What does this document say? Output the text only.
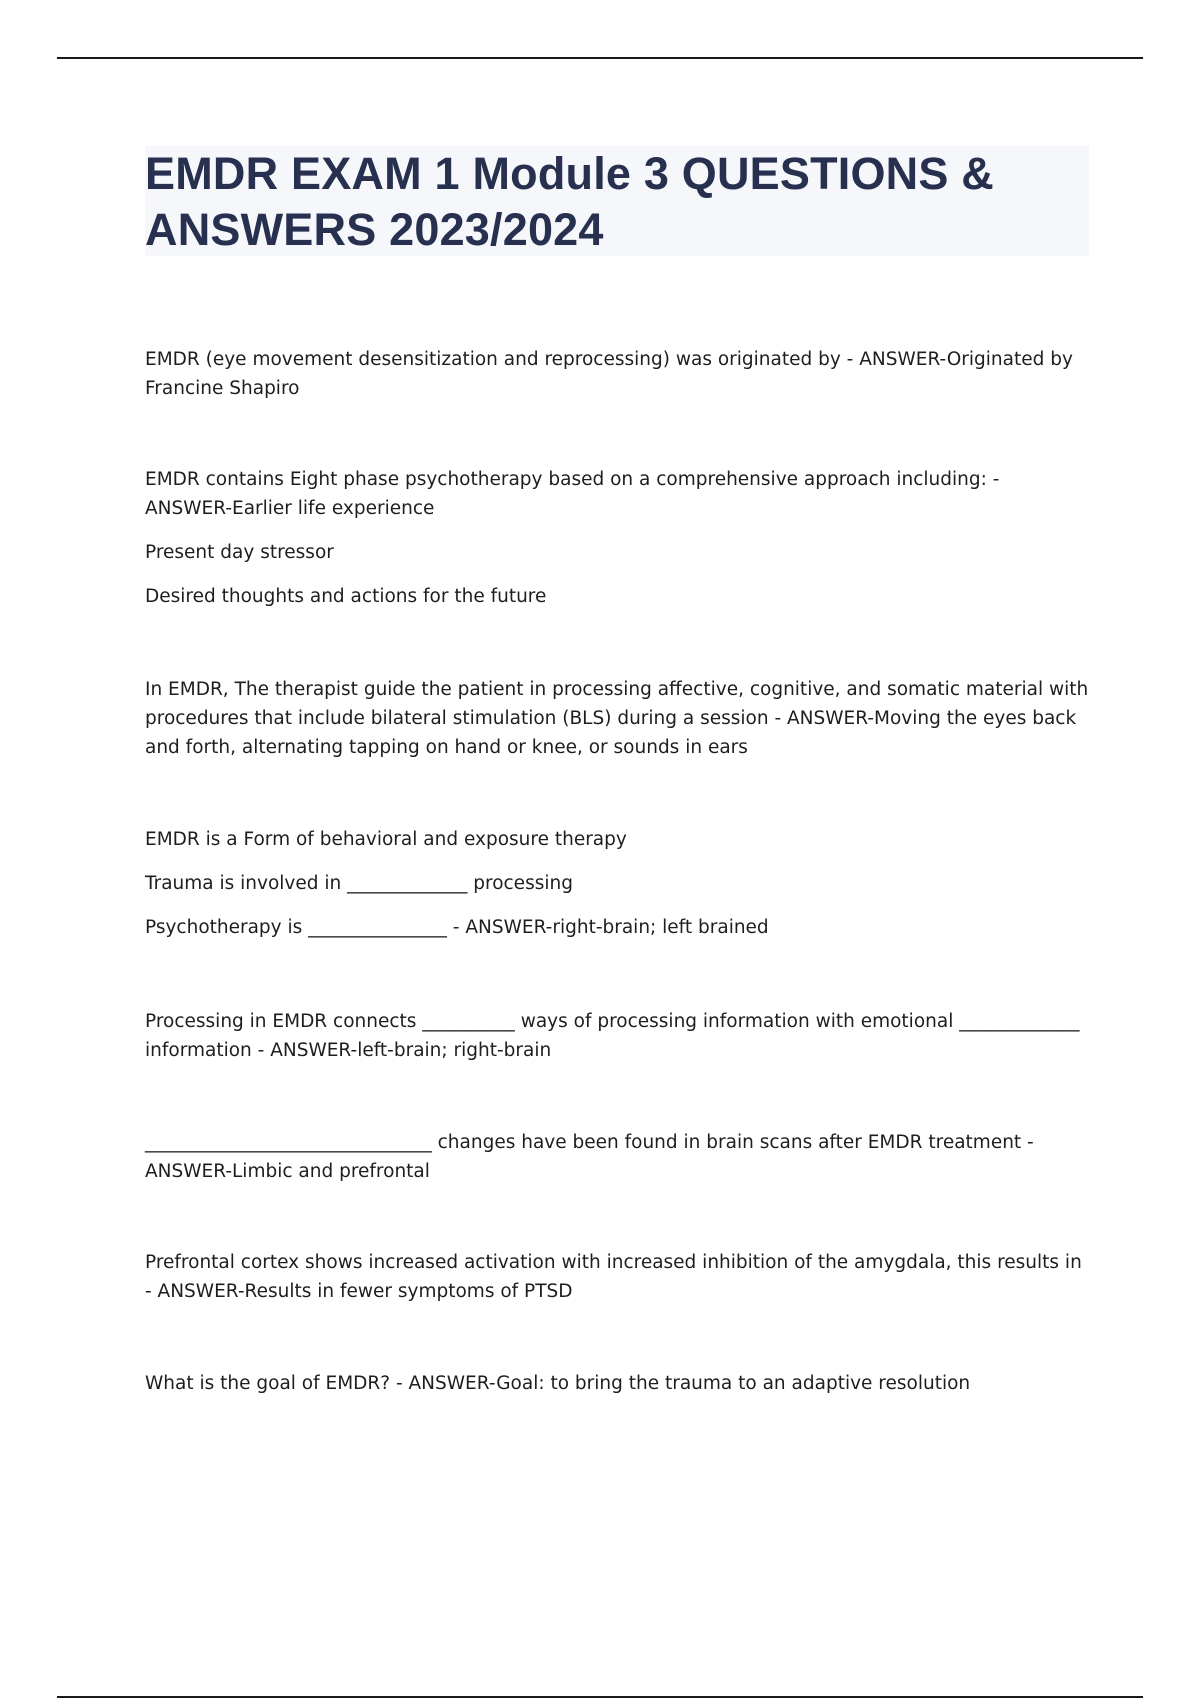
EMDR EXAM 1 Module 3 QUESTIONS & ANSWERS 2023/2024

EMDR (eye movement desensitization and reprocessing) was originated by - ANSWER-Originated by Francine Shapiro

EMDR contains Eight phase psychotherapy based on a comprehensive approach including: - ANSWER-Earlier life experience

Present day stressor

Desired thoughts and actions for the future

In EMDR, The therapist guide the patient in processing affective, cognitive, and somatic material with procedures that include bilateral stimulation (BLS) during a session - ANSWER-Moving the eyes back and forth, alternating tapping on hand or knee, or sounds in ears

EMDR is a Form of behavioral and exposure therapy

Trauma is involved in _____________ processing

Psychotherapy is _______________ - ANSWER-right-brain; left brained

Processing in EMDR connects __________ ways of processing information with emotional _____________ information - ANSWER-left-brain; right-brain

_______________________________ changes have been found in brain scans after EMDR treatment - ANSWER-Limbic and prefrontal

Prefrontal cortex shows increased activation with increased inhibition of the amygdala, this results in - ANSWER-Results in fewer symptoms of PTSD

What is the goal of EMDR? - ANSWER-Goal: to bring the trauma to an adaptive resolution
